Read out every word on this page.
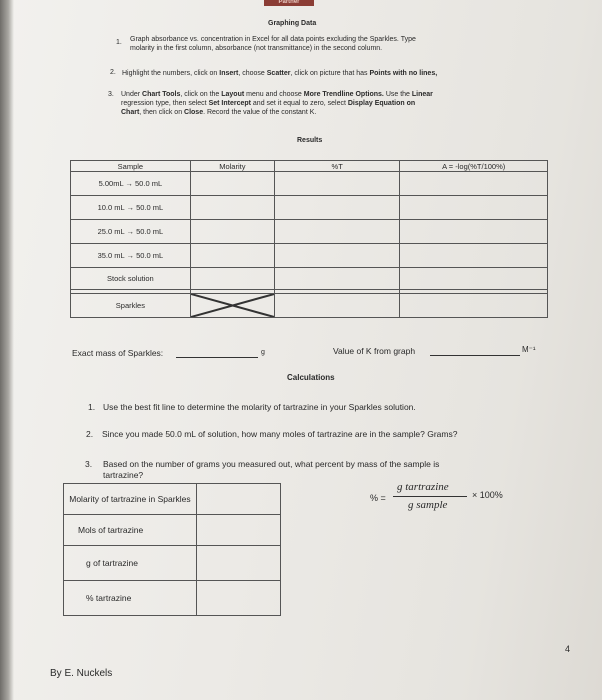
Partner
Graphing Data
1. Graph absorbance vs. concentration in Excel for all data points excluding the Sparkles. Type
molarity in the first column, absorbance (not transmittance) in the second column.
2. Highlight the numbers, click on Insert, choose Scatter, click on picture that has Points with no lines,
3. Under Chart Tools, click on the Layout menu and choose More Trendline Options. Use the Linear
regression type, then select Set Intercept and set it equal to zero, select Display Equation on
Chart, then click on Close. Record the value of the constant K.
Results
Sample	Molarity	%T	A = -log(%T/100%)
5.00mL → 50.0 mL			
10.0 mL → 50.0 mL			
25.0 mL → 50.0 mL			
35.0 mL → 50.0 mL			
Stock solution			

Sparkles	

Exact mass of Sparkles:	g	Value of K from graph	M⁻¹
Calculations
1. Use the best fit line to determine the molarity of tartrazine in your Sparkles solution.
2. Since you made 50.0 mL of solution, how many moles of tartrazine are in the sample? Grams?
3. Based on the number of grams you measured out, what percent by mass of the sample is
tartrazine?
Molarity of tartrazine in Sparkles	
Mols of tartrazine	
g of tartrazine	
% tartrazine	
% =
g tartrazine
g sample
× 100%
4
By E. Nuckels
